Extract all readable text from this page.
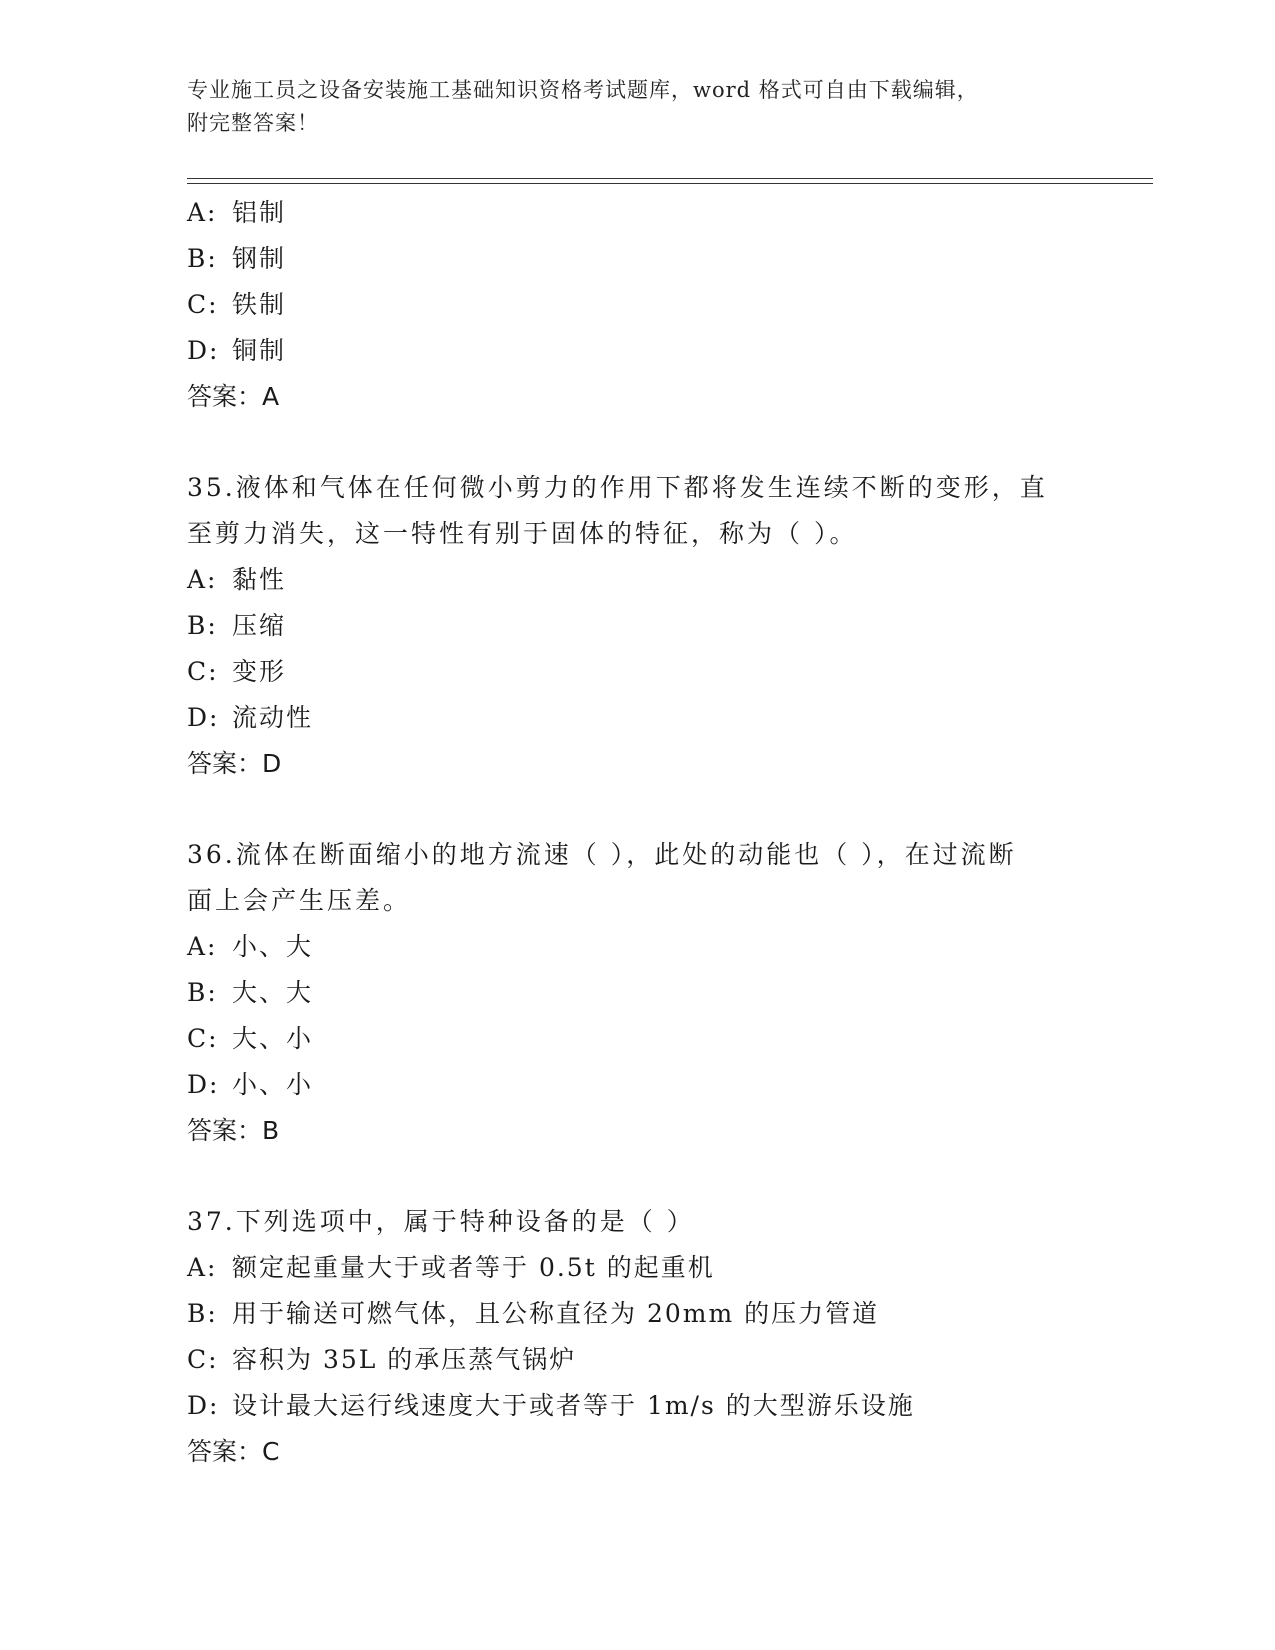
专业施工员之设备安装施工基础知识资格考试题库，word 格式可自由下载编辑，
附完整答案！
A: 铝制
B: 钢制
C: 铁制
D: 铜制
答案：A
35.液体和气体在任何微小剪力的作用下都将发生连续不断的变形，直
至剪力消失，这一特性有别于固体的特征，称为（ ）。
A: 黏性
B: 压缩
C: 变形
D: 流动性
答案：D
36.流体在断面缩小的地方流速（ ），此处的动能也（ ），在过流断
面上会产生压差。
A: 小、大
B: 大、大
C: 大、小
D: 小、小
答案：B
37.下列选项中，属于特种设备的是（ ）
A: 额定起重量大于或者等于 0.5t 的起重机
B: 用于输送可燃气体，且公称直径为 20mm 的压力管道
C: 容积为 35L 的承压蒸气锅炉
D: 设计最大运行线速度大于或者等于 1m/s 的大型游乐设施
答案：C
